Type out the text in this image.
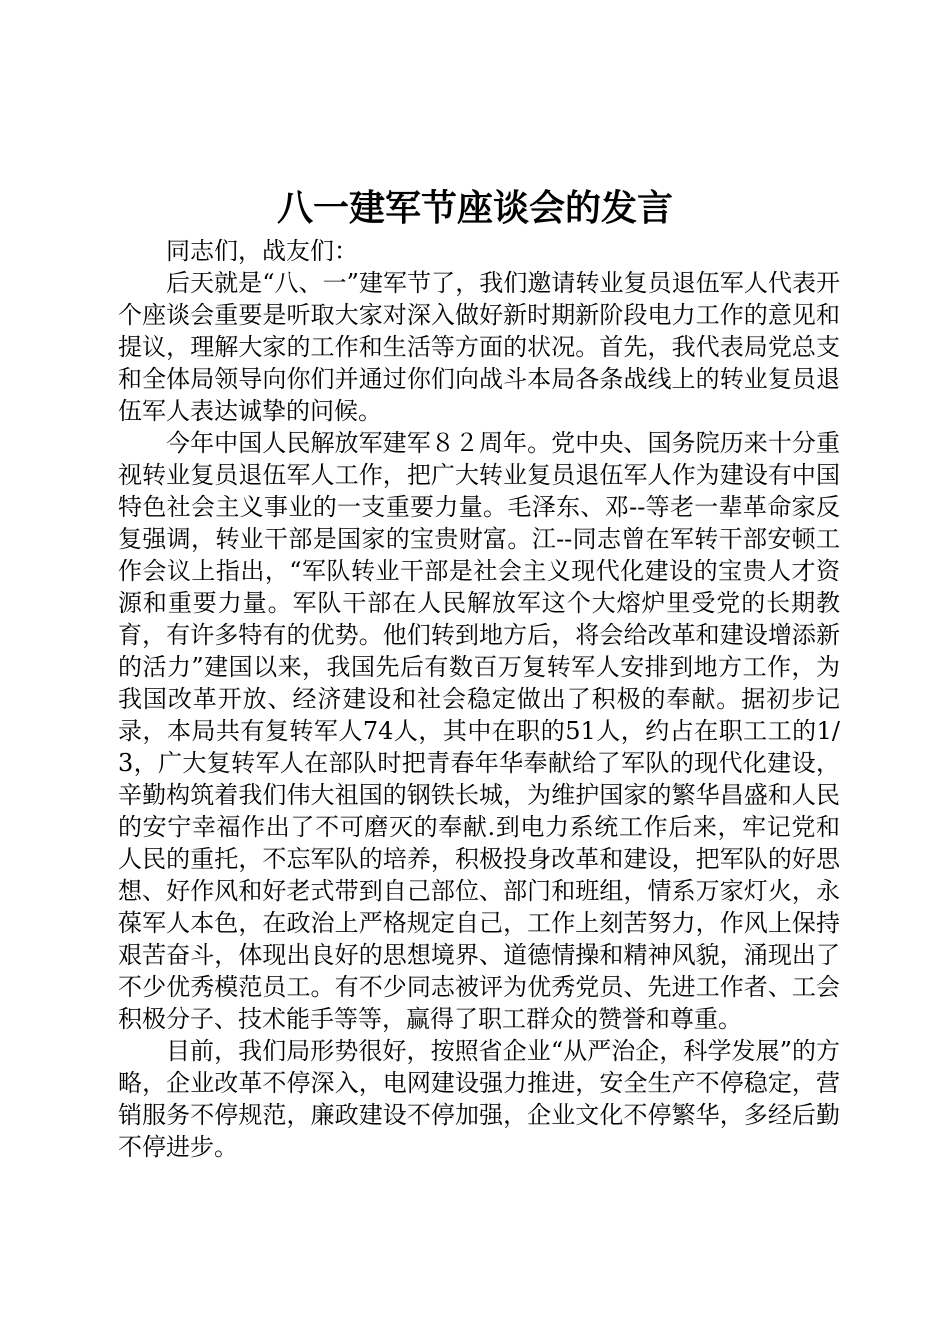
八一建军节座谈会的发言

同志们，战友们：

后天就是“八、一”建军节了，我们邀请转业复员退伍军人代表开个座谈会重要是听取大家对深入做好新时期新阶段电力工作的意见和提议，理解大家的工作和生活等方面的状况。首先，我代表局党总支和全体局领导向你们并通过你们向战斗本局各条战线上的转业复员退伍军人表达诚挚的问候。

今年中国人民解放军建军８２周年。党中央、国务院历来十分重视转业复员退伍军人工作，把广大转业复员退伍军人作为建设有中国特色社会主义事业的一支重要力量。毛泽东、邓--等老一辈革命家反复强调，转业干部是国家的宝贵财富。江--同志曾在军转干部安顿工作会议上指出，“军队转业干部是社会主义现代化建设的宝贵人才资源和重要力量。军队干部在人民解放军这个大熔炉里受党的长期教育，有许多特有的优势。他们转到地方后，将会给改革和建设增添新的活力”建国以来，我国先后有数百万复转军人安排到地方工作，为我国改革开放、经济建设和社会稳定做出了积极的奉献。据初步记录，本局共有复转军人74人，其中在职的51人，约占在职工工的1/3，广大复转军人在部队时把青春年华奉献给了军队的现代化建设，辛勤构筑着我们伟大祖国的钢铁长城，为维护国家的繁华昌盛和人民的安宁幸福作出了不可磨灭的奉献.到电力系统工作后来，牢记党和人民的重托，不忘军队的培养，积极投身改革和建设，把军队的好思想、好作风和好老式带到自己部位、部门和班组，情系万家灯火，永葆军人本色，在政治上严格规定自己，工作上刻苦努力，作风上保持艰苦奋斗，体现出良好的思想境界、道德情操和精神风貌，涌现出了不少优秀模范员工。有不少同志被评为优秀党员、先进工作者、工会积极分子、技术能手等等，赢得了职工群众的赞誉和尊重。

目前，我们局形势很好，按照省企业“从严治企，科学发展”的方略，企业改革不停深入，电网建设强力推进，安全生产不停稳定，营销服务不停规范，廉政建设不停加强，企业文化不停繁华，多经后勤不停进步。
